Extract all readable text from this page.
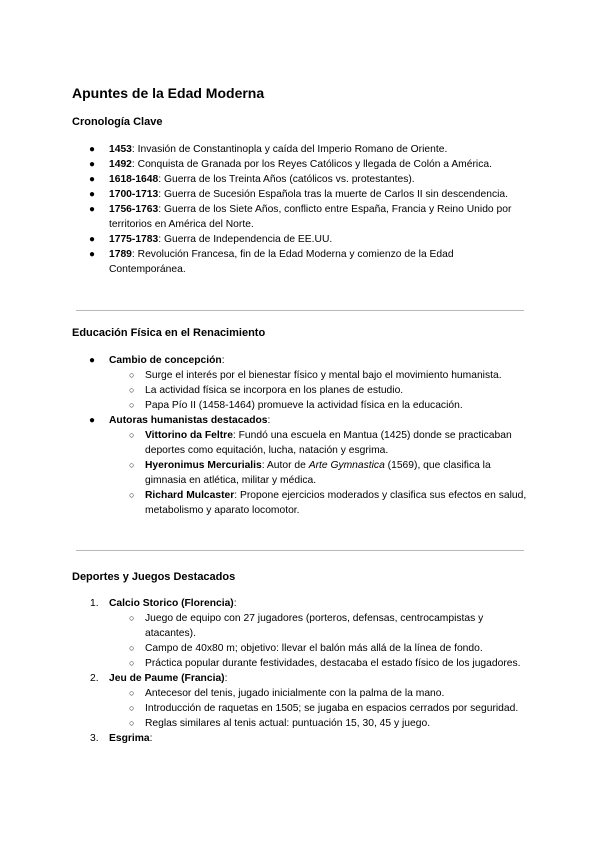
Apuntes de la Edad Moderna
Cronología Clave
●	1453: Invasión de Constantinopla y caída del Imperio Romano de Oriente.
●	1492: Conquista de Granada por los Reyes Católicos y llegada de Colón a América.
●	1618-1648: Guerra de los Treinta Años (católicos vs. protestantes).
●	1700-1713: Guerra de Sucesión Española tras la muerte de Carlos II sin descendencia.
●	1756-1763: Guerra de los Siete Años, conflicto entre España, Francia y Reino Unido por territorios en América del Norte.
●	1775-1783: Guerra de Independencia de EE.UU.
●	1789: Revolución Francesa, fin de la Edad Moderna y comienzo de la Edad Contemporánea.
Educación Física en el Renacimiento
●	Cambio de concepción:
○ Surge el interés por el bienestar físico y mental bajo el movimiento humanista.
○ La actividad física se incorpora en los planes de estudio.
○ Papa Pío II (1458-1464) promueve la actividad física en la educación.
●	Autoras humanistas destacados:
○ Vittorino da Feltre: Fundó una escuela en Mantua (1425) donde se practicaban deportes como equitación, lucha, natación y esgrima.
○ Hyeronimus Mercurialis: Autor de Arte Gymnastica (1569), que clasifica la gimnasia en atlética, militar y médica.
○ Richard Mulcaster: Propone ejercicios moderados y clasifica sus efectos en salud, metabolismo y aparato locomotor.
Deportes y Juegos Destacados
1.	Calcio Storico (Florencia):
○ Juego de equipo con 27 jugadores (porteros, defensas, centrocampistas y atacantes).
○ Campo de 40x80 m; objetivo: llevar el balón más allá de la línea de fondo.
○ Práctica popular durante festividades, destacaba el estado físico de los jugadores.
2.	Jeu de Paume (Francia):
○ Antecesor del tenis, jugado inicialmente con la palma de la mano.
○ Introducción de raquetas en 1505; se jugaba en espacios cerrados por seguridad.
○ Reglas similares al tenis actual: puntuación 15, 30, 45 y juego.
3.	Esgrima:
